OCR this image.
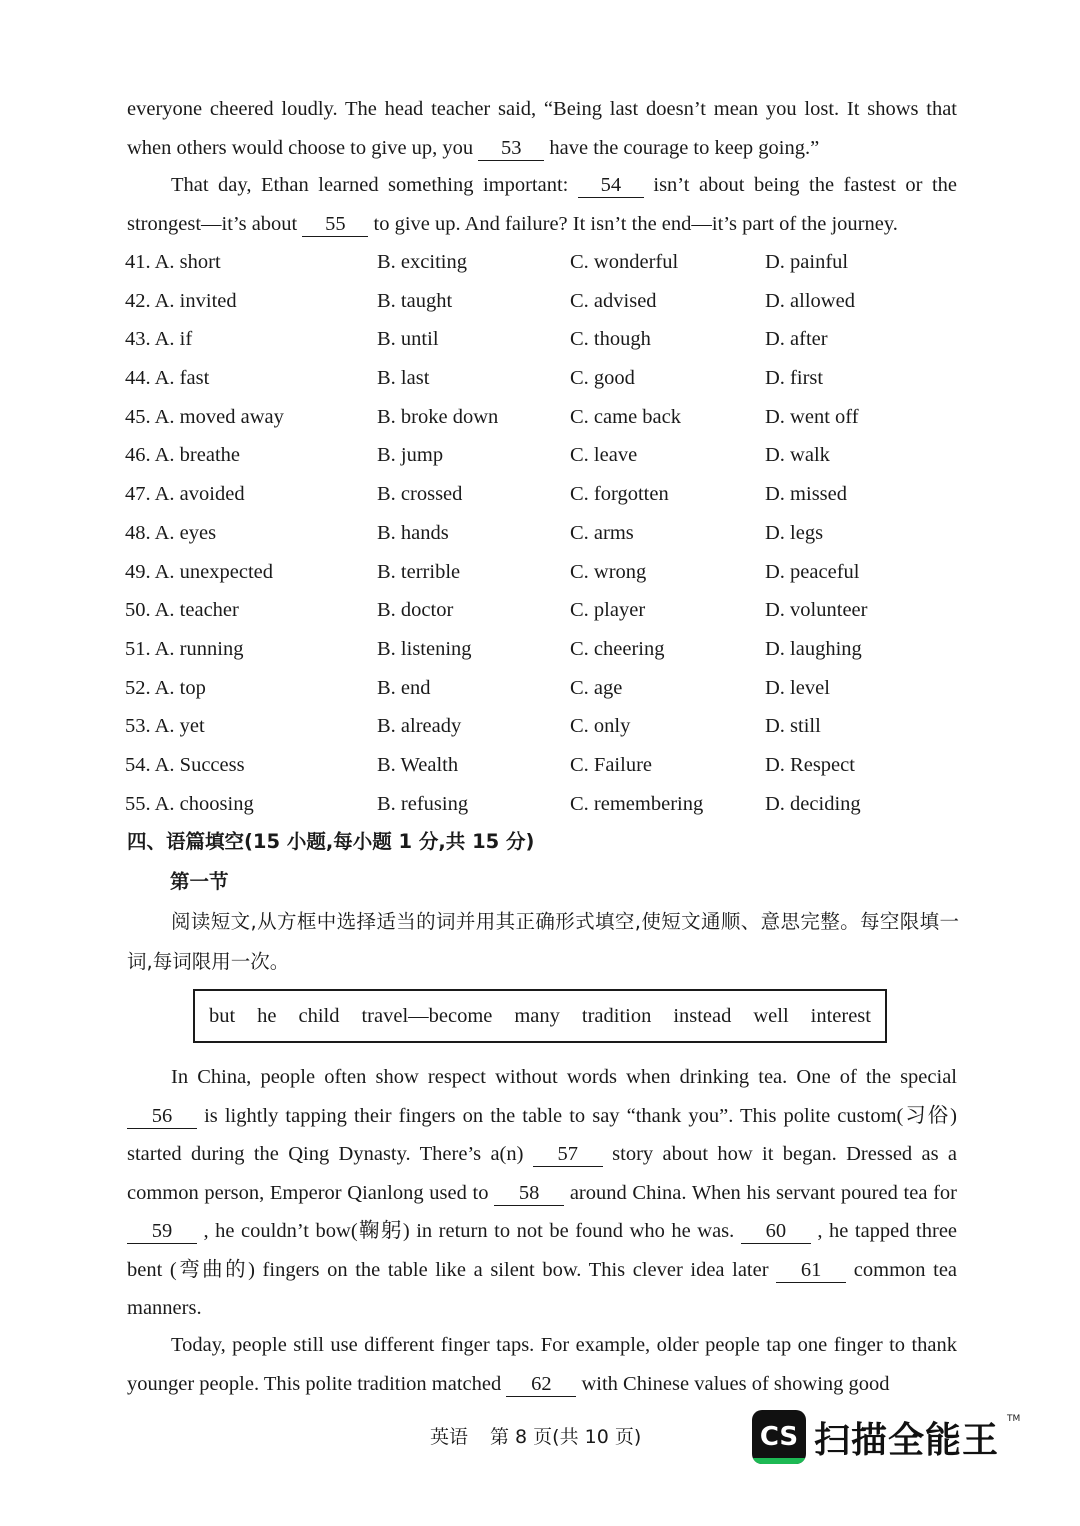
everyone cheered loudly. The head teacher said, “Being last doesn’t mean you lost. It shows that when others would choose to give up, you 53 have the courage to keep going.”

That day, Ethan learned something important: 54 isn’t about being the fastest or the strongest—it’s about 55 to give up. And failure? It isn’t the end—it’s part of the journey.

41. A. short	B. exciting	C. wonderful	D. painful
42. A. invited	B. taught	C. advised	D. allowed
43. A. if	B. until	C. though	D. after
44. A. fast	B. last	C. good	D. first
45. A. moved away	B. broke down	C. came back	D. went off
46. A. breathe	B. jump	C. leave	D. walk
47. A. avoided	B. crossed	C. forgotten	D. missed
48. A. eyes	B. hands	C. arms	D. legs
49. A. unexpected	B. terrible	C. wrong	D. peaceful
50. A. teacher	B. doctor	C. player	D. volunteer
51. A. running	B. listening	C. cheering	D. laughing
52. A. top	B. end	C. age	D. level
53. A. yet	B. already	C. only	D. still
54. A. Success	B. Wealth	C. Failure	D. Respect
55. A. choosing	B. refusing	C. remembering	D. deciding
四、语篇填空(15 小题,每小题 1 分,共 15 分)
第一节

阅读短文,从方框中选择适当的词并用其正确形式填空,使短文通顺、意思完整。每空限填一词,每词限用一次。

but he child travel—become many tradition instead well interest

In China, people often show respect without words when drinking tea. One of the special 56 is lightly tapping their fingers on the table to say “thank you”. This polite custom(习俗) started during the Qing Dynasty. There’s a(n) 57 story about how it began. Dressed as a common person, Emperor Qianlong used to 58 around China. When his servant poured tea for 59 , he couldn’t bow(鞠躬) in return to not be found who he was. 60 , he tapped three bent (弯曲的) fingers on the table like a silent bow. This clever idea later 61 common tea manners.

Today, people still use different finger taps. For example, older people tap one finger to thank younger people. This polite tradition matched 62 with Chinese values of showing good

英语 第 8 页(共 10 页)	CS 扫描全能王
TM
